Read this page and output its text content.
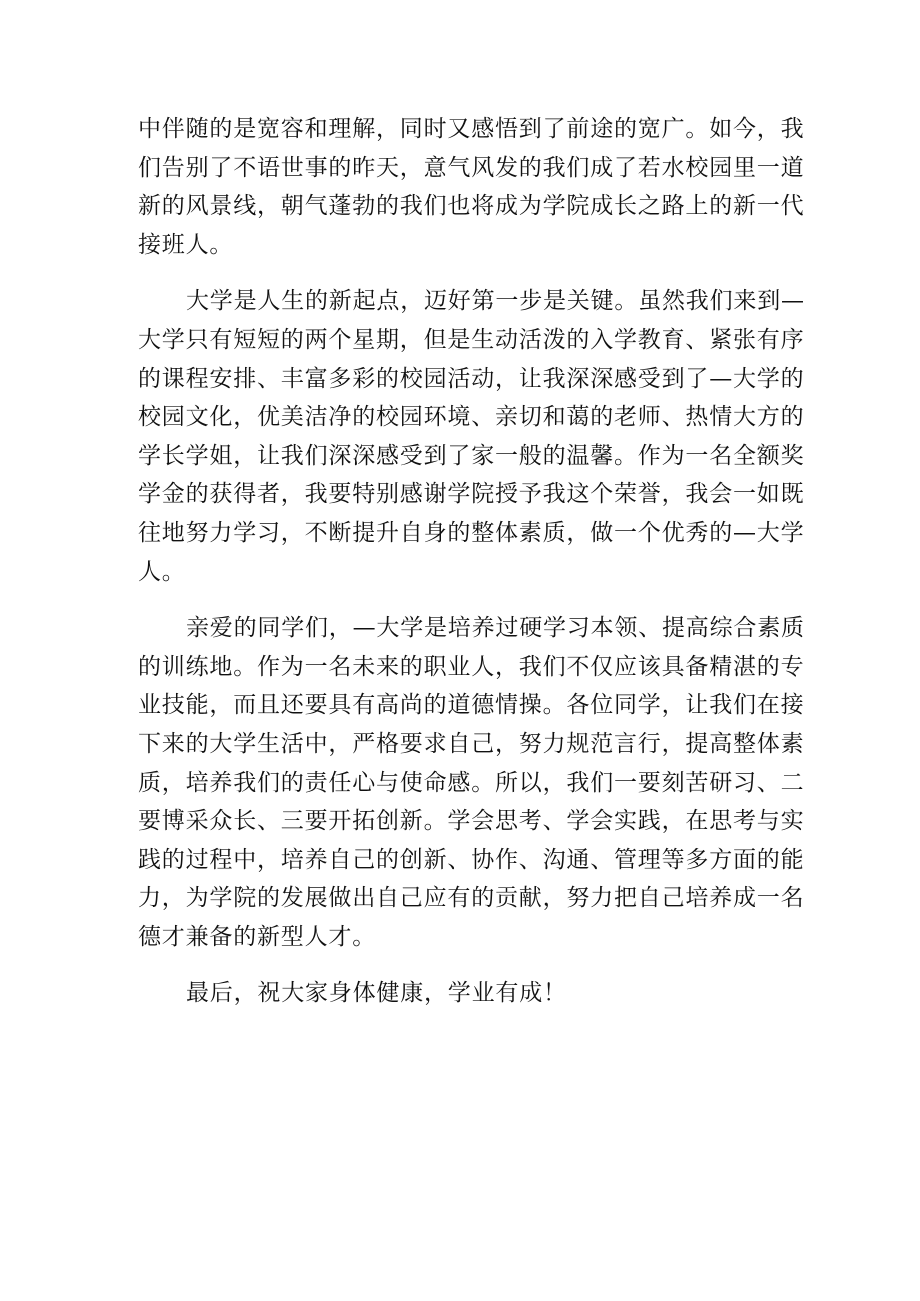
中伴随的是宽容和理解，同时又感悟到了前途的宽广。如今，我
们告别了不语世事的昨天，意气风发的我们成了若水校园里一道
新的风景线，朝气蓬勃的我们也将成为学院成长之路上的新一代
接班人。
大学是人生的新起点，迈好第一步是关键。虽然我们来到—
大学只有短短的两个星期，但是生动活泼的入学教育、紧张有序
的课程安排、丰富多彩的校园活动，让我深深感受到了—大学的
校园文化，优美洁净的校园环境、亲切和蔼的老师、热情大方的
学长学姐，让我们深深感受到了家一般的温馨。作为一名全额奖
学金的获得者，我要特别感谢学院授予我这个荣誉，我会一如既
往地努力学习，不断提升自身的整体素质，做一个优秀的—大学
人。
亲爱的同学们，—大学是培养过硬学习本领、提高综合素质
的训练地。作为一名未来的职业人，我们不仅应该具备精湛的专
业技能，而且还要具有高尚的道德情操。各位同学，让我们在接
下来的大学生活中，严格要求自己，努力规范言行，提高整体素
质，培养我们的责任心与使命感。所以，我们一要刻苦研习、二
要博采众长、三要开拓创新。学会思考、学会实践，在思考与实
践的过程中，培养自己的创新、协作、沟通、管理等多方面的能
力，为学院的发展做出自己应有的贡献，努力把自己培养成一名
德才兼备的新型人才。
最后，祝大家身体健康，学业有成！
